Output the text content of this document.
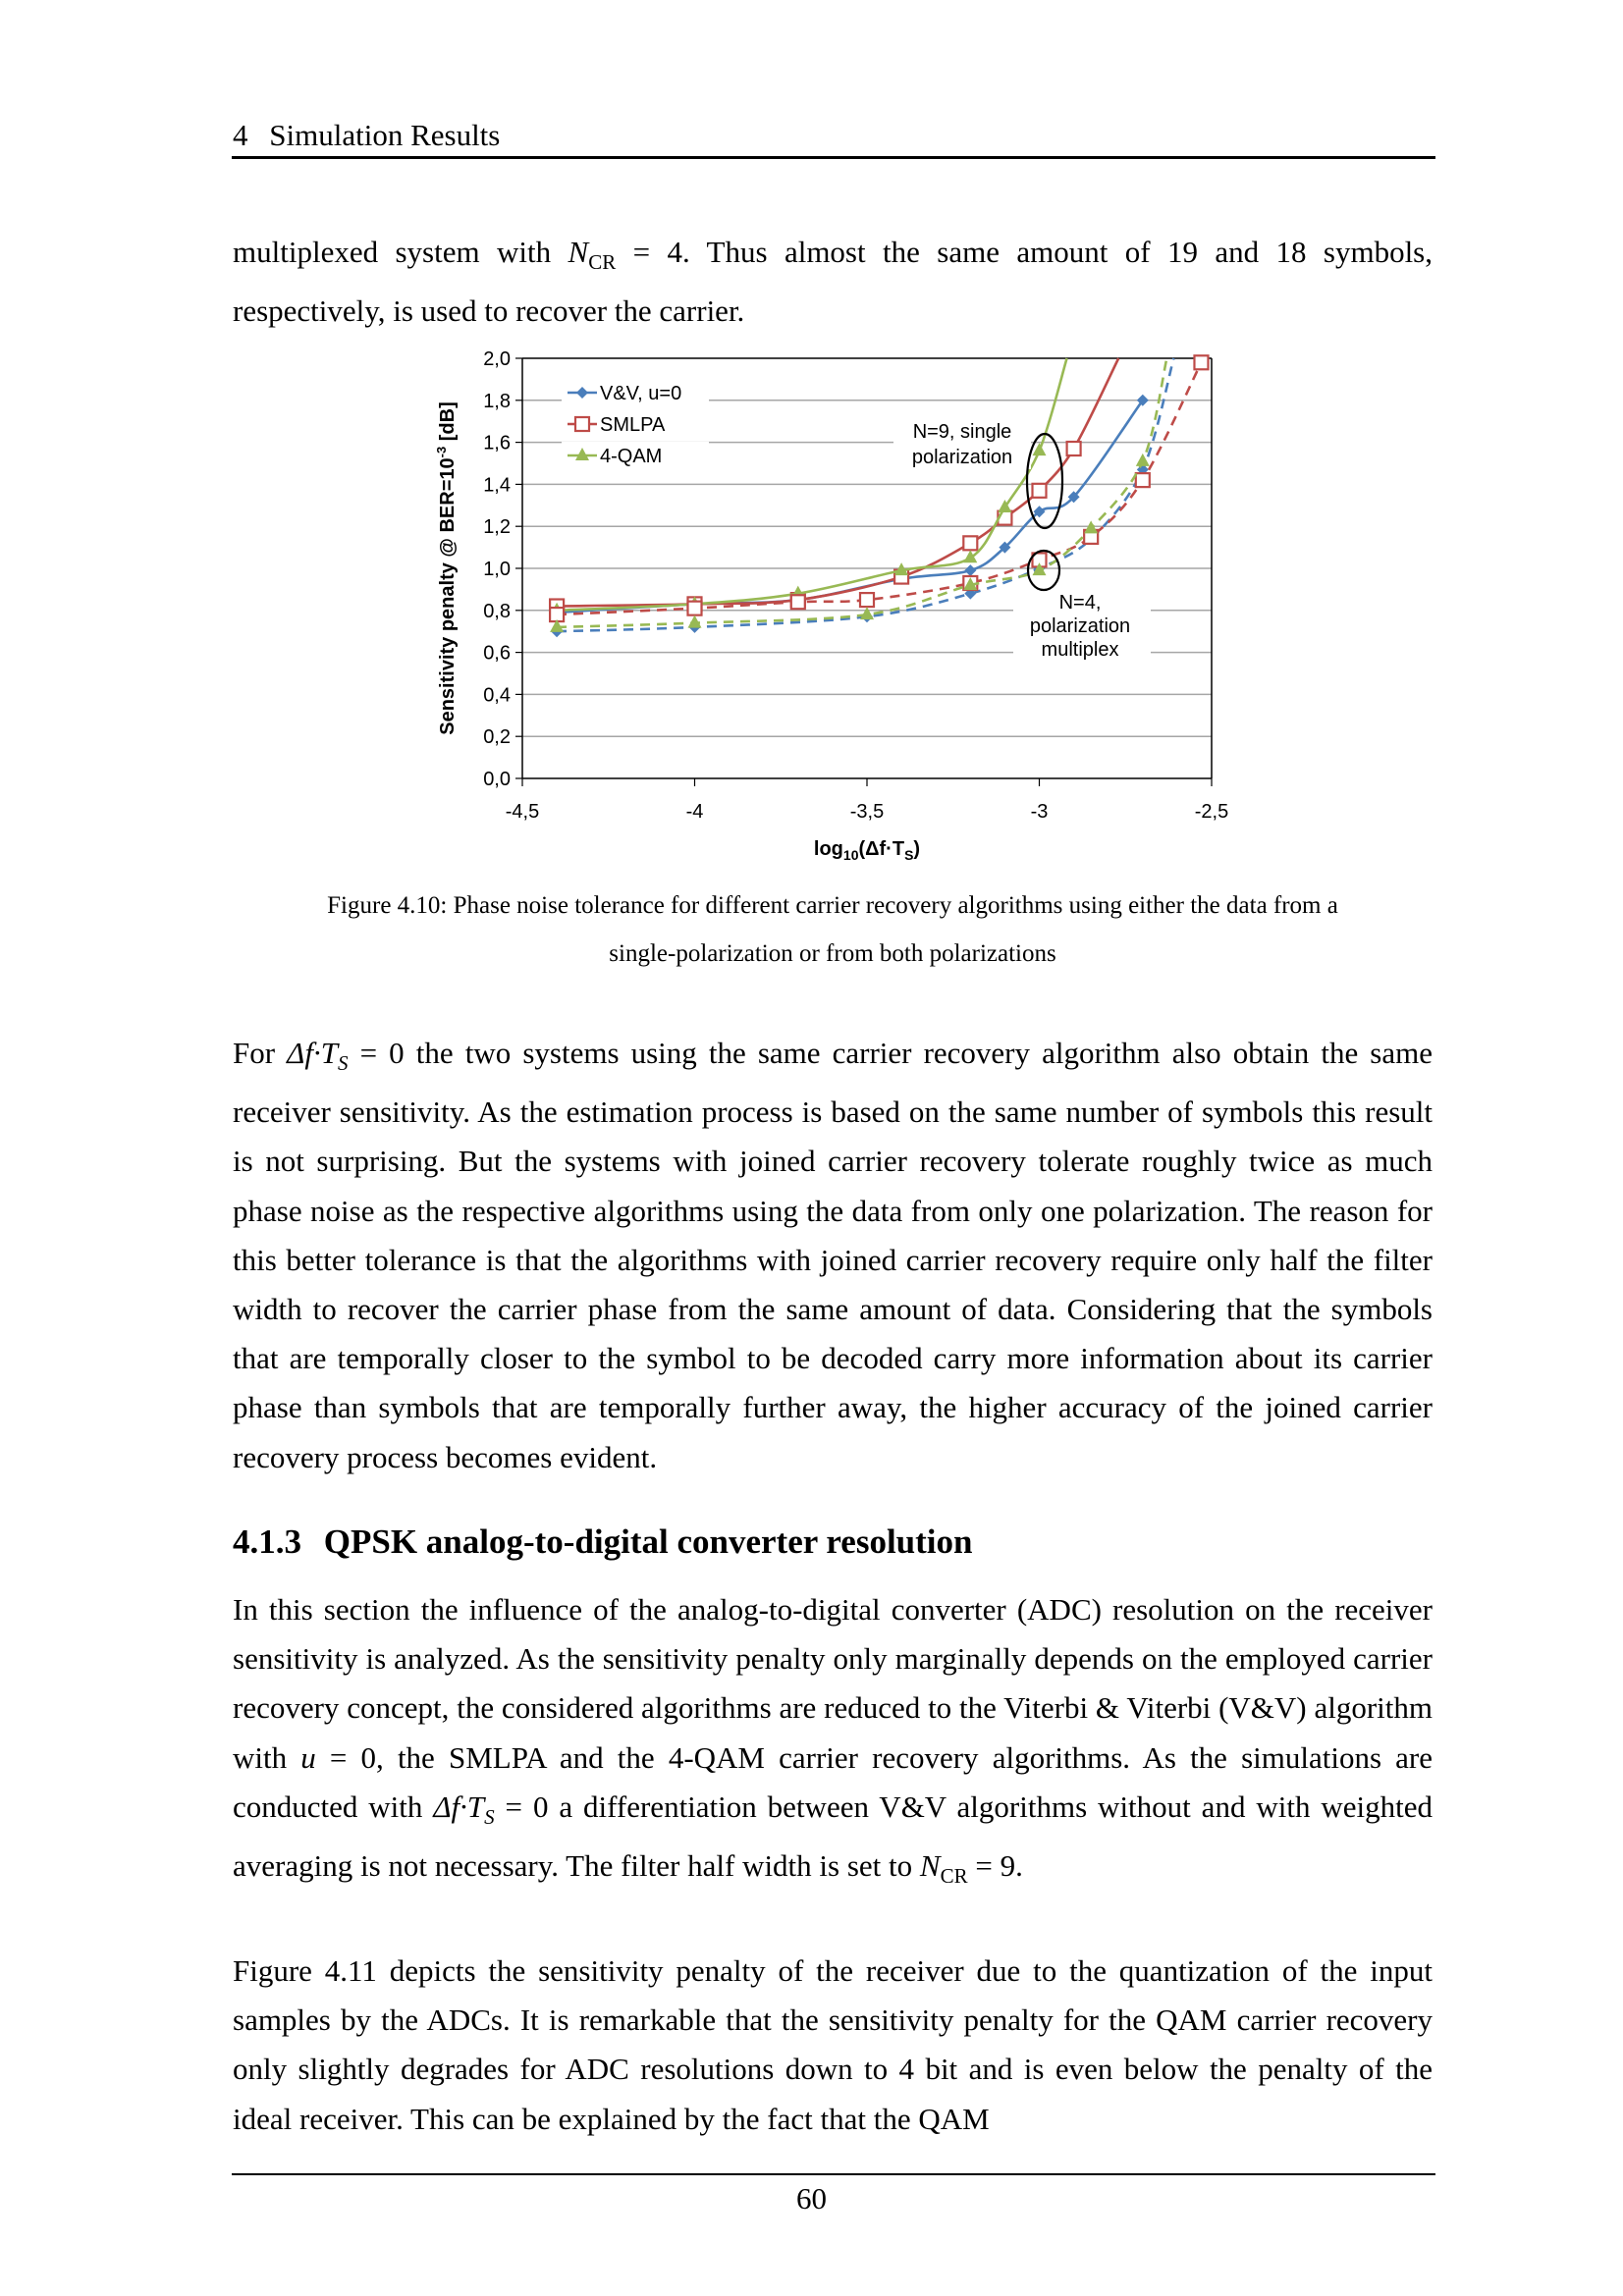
4 Simulation Results
multiplexed system with $N_{CR} = 4$. Thus almost the same amount of 19 and 18 symbols, respectively, is used to recover the carrier.
0,0
0,2
0,4
0,6
0,8
1,0
1,2
1,4
1,6
1,8
2,0
-4,5	-4	-3,5	-3	-2,5
$\log_{10}(\Delta f\cdot T_S)$
Sensitivity penalty @ $BER=10^{-3}$ [dB]
V&V, u=0
SMLPA
4-QAM
N=9, single
polarization
N=4,
polarization
multiplex
Figure 4.10: Phase noise tolerance for different carrier recovery algorithms using either the data from a
single-polarization or from both polarizations
For $\Delta f\cdot T_S = 0$ the two systems using the same carrier recovery algorithm also obtain the same receiver sensitivity. As the estimation process is based on the same number of symbols this result is not surprising. But the systems with joined carrier recovery tolerate roughly twice as much phase noise as the respective algorithms using the data from only one polarization. The reason for this better tolerance is that the algorithms with joined carrier recovery require only half the filter width to recover the carrier phase from the same amount of data. Considering that the symbols that are temporally closer to the symbol to be decoded carry more information about its carrier phase than symbols that are temporally further away, the higher accuracy of the joined carrier recovery process becomes evident.
4.1.3 QPSK analog-to-digital converter resolution
In this section the influence of the analog-to-digital converter (ADC) resolution on the receiver sensitivity is analyzed. As the sensitivity penalty only marginally depends on the employed carrier recovery concept, the considered algorithms are reduced to the Viterbi & Viterbi (V&V) algorithm with u = 0, the SMLPA and the 4-QAM carrier recovery algorithms. As the simulations are conducted with $\Delta f\cdot T_S = 0$ a differentiation between V&V algorithms without and with weighted averaging is not necessary. The filter half width is set to $N_{CR} = 9$.
Figure 4.11 depicts the sensitivity penalty of the receiver due to the quantization of the input samples by the ADCs. It is remarkable that the sensitivity penalty for the QAM carrier recovery only slightly degrades for ADC resolutions down to 4 bit and is even below the penalty of the ideal receiver. This can be explained by the fact that the QAM
60
